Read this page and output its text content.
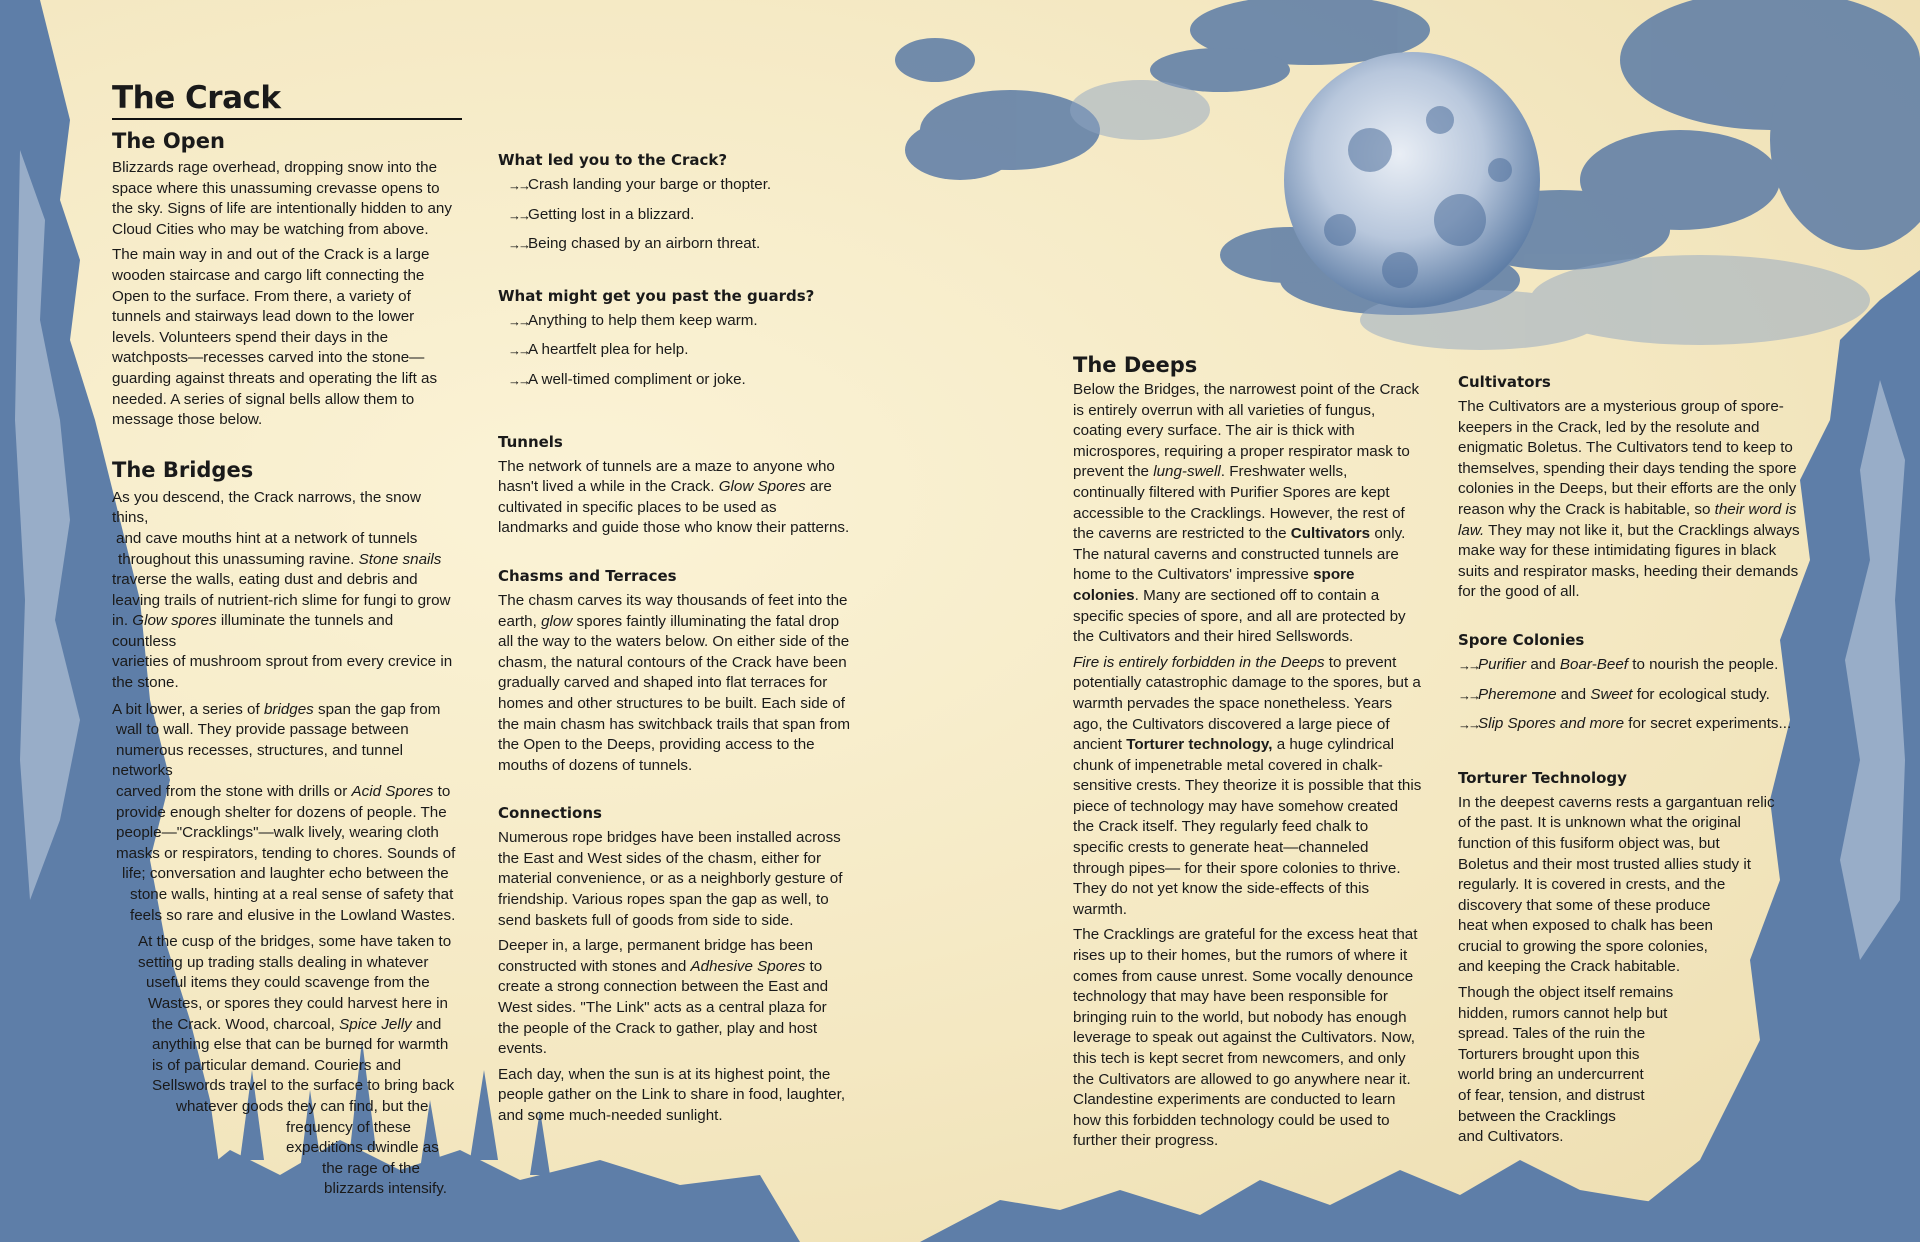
The Crack
The Open

Blizzards rage overhead, dropping snow into the space where this unassuming crevasse opens to the sky. Signs of life are intentionally hidden to any Cloud Cities who may be watching from above.

The main way in and out of the Crack is a large wooden staircase and cargo lift connecting the Open to the surface. From there, a variety of tunnels and stairways lead down to the lower levels. Volunteers spend their days in the watchposts—recesses carved into the stone—guarding against threats and operating the lift as needed. A series of signal bells allow them to message those below.

The Bridges

As you descend, the Crack narrows, the snow thins,
and cave mouths hint at a network of tunnels
throughout this unassuming ravine. Stone snails
traverse the walls, eating dust and debris and
leaving trails of nutrient-rich slime for fungi to grow
in. Glow spores illuminate the tunnels and countless
varieties of mushroom sprout from every crevice in
the stone.

A bit lower, a series of bridges span the gap from
wall to wall. They provide passage between
numerous recesses, structures, and tunnel networks
carved from the stone with drills or Acid Spores to
provide enough shelter for dozens of people. The
people—"Cracklings"—walk lively, wearing cloth
masks or respirators, tending to chores. Sounds of
life; conversation and laughter echo between the
stone walls, hinting at a real sense of safety that
feels so rare and elusive in the Lowland Wastes.

At the cusp of the bridges, some have taken to
setting up trading stalls dealing in whatever
useful items they could scavenge from the
Wastes, or spores they could harvest here in
the Crack. Wood, charcoal, Spice Jelly and
anything else that can be burned for warmth
is of particular demand. Couriers and
Sellswords travel to the surface to bring back
whatever goods they can find, but the
frequency of these
expeditions dwindle as
the rage of the
blizzards intensify.

What led you to the Crack?
→→ Crash landing your barge or thopter.
→→ Getting lost in a blizzard.
→→ Being chased by an airborn threat.
What might get you past the guards?
→→ Anything to help them keep warm.
→→ A heartfelt plea for help.
→→ A well-timed compliment or joke.
Tunnels

The network of tunnels are a maze to anyone who hasn't lived a while in the Crack. Glow Spores are cultivated in specific places to be used as landmarks and guide those who know their patterns.

Chasms and Terraces

The chasm carves its way thousands of feet into the earth, glow spores faintly illuminating the fatal drop all the way to the waters below. On either side of the chasm, the natural contours of the Crack have been gradually carved and shaped into flat terraces for homes and other structures to be built. Each side of the main chasm has switchback trails that span from the Open to the Deeps, providing access to the mouths of dozens of tunnels.

Connections

Numerous rope bridges have been installed across the East and West sides of the chasm, either for material convenience, or as a neighborly gesture of friendship. Various ropes span the gap as well, to send baskets full of goods from side to side.

Deeper in, a large, permanent bridge has been constructed with stones and Adhesive Spores to create a strong connection between the East and West sides. "The Link" acts as a central plaza for the people of the Crack to gather, play and host events.

Each day, when the sun is at its highest point, the people gather on the Link to share in food, laughter, and some much-needed sunlight.

The Deeps

Below the Bridges, the narrowest point of the Crack is entirely overrun with all varieties of fungus, coating every surface. The air is thick with microspores, requiring a proper respirator mask to prevent the lung-swell. Freshwater wells, continually filtered with Purifier Spores are kept accessible to the Cracklings. However, the rest of the caverns are restricted to the Cultivators only. The natural caverns and constructed tunnels are home to the Cultivators' impressive spore colonies. Many are sectioned off to contain a specific species of spore, and all are protected by the Cultivators and their hired Sellswords.

Fire is entirely forbidden in the Deeps to prevent potentially catastrophic damage to the spores, but a warmth pervades the space nonetheless. Years ago, the Cultivators discovered a large piece of ancient Torturer technology, a huge cylindrical chunk of impenetrable metal covered in chalk-sensitive crests. They theorize it is possible that this piece of technology may have somehow created the Crack itself. They regularly feed chalk to specific crests to generate heat—channeled through pipes— for their spore colonies to thrive. They do not yet know the side-effects of this warmth.

The Cracklings are grateful for the excess heat that rises up to their homes, but the rumors of where it comes from cause unrest. Some vocally denounce technology that may have been responsible for bringing ruin to the world, but nobody has enough leverage to speak out against the Cultivators. Now, this tech is kept secret from newcomers, and only the Cultivators are allowed to go anywhere near it. Clandestine experiments are conducted to learn how this forbidden technology could be used to further their progress.

Cultivators

The Cultivators are a mysterious group of spore-keepers in the Crack, led by the resolute and enigmatic Boletus. The Cultivators tend to keep to themselves, spending their days tending the spore colonies in the Deeps, but their efforts are the only reason why the Crack is habitable, so their word is law. They may not like it, but the Cracklings always make way for these intimidating figures in black suits and respirator masks, heeding their demands for the good of all.

Spore Colonies
→→ Purifier and Boar-Beef to nourish the people.
→→ Pheremone and Sweet for ecological study.
→→ Slip Spores and more for secret experiments...
Torturer Technology

In the deepest caverns rests a gargantuan relic
of the past. It is unknown what the original
function of this fusiform object was, but
Boletus and their most trusted allies study it
regularly. It is covered in crests, and the
discovery that some of these produce
heat when exposed to chalk has been
crucial to growing the spore colonies,
and keeping the Crack habitable.

Though the object itself remains
hidden, rumors cannot help but
spread. Tales of the ruin the
Torturers brought upon this
world bring an undercurrent
of fear, tension, and distrust
between the Cracklings
and Cultivators.
